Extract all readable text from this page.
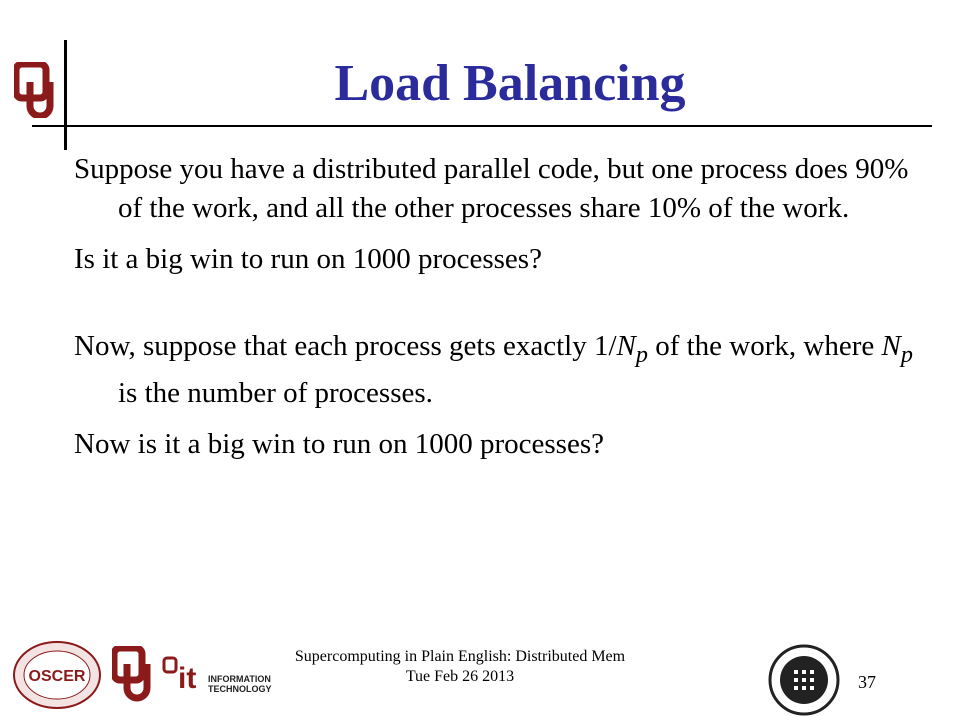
Load Balancing

Suppose you have a distributed parallel code, but one process does 90% of the work, and all the other processes share 10% of the work.

Is it a big win to run on 1000 processes?

Now, suppose that each process gets exactly $1/N_p$ of the work, where $N_p$ is the number of processes.

Now is it a big win to run on 1000 processes?

OSCER	it INFORMATION
TECHNOLOGY
Supercomputing in Plain English: Distributed Mem
Tue Feb 26 2013	37
